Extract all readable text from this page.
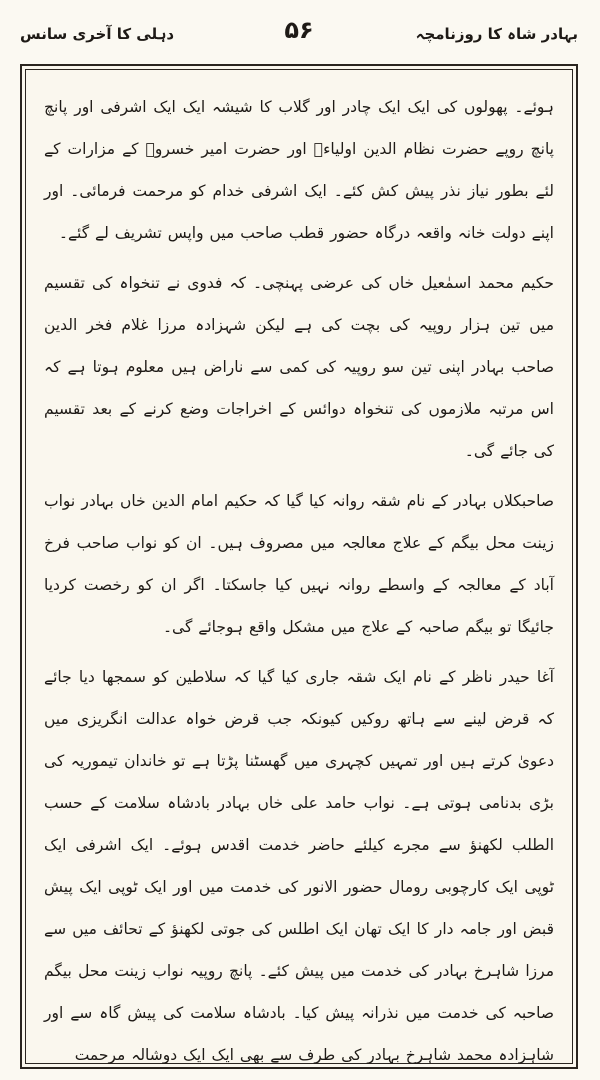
بہادر شاہ کا روزنامچہ
۵۶
دہلی کا آخری سانس

ہوئے۔ پھولوں کی ایک ایک چادر اور گلاب کا شیشہ ایک ایک اشرفی اور پانچ پانچ روپے حضرت نظام الدین اولیاءؒ اور حضرت امیر خسروؒ کے مزارات کے لئے بطور نیاز نذر پیش کش کئے۔ ایک اشرفی خدام کو مرحمت فرمائی۔ اور اپنے دولت خانہ واقعہ درگاہ حضور قطب صاحب میں واپس تشریف لے گئے۔

حکیم محمد اسمٰعیل خاں کی عرضی پہنچی۔ کہ فدوی نے تنخواہ کی تقسیم میں تین ہزار روپیہ کی بچت کی ہے لیکن شہزادہ مرزا غلام فخر الدین صاحب بہادر اپنی تین سو روپیہ کی کمی سے ناراض ہیں معلوم ہوتا ہے کہ اس مرتبہ ملازموں کی تنخواہ دوائس کے اخراجات وضع کرنے کے بعد تقسیم کی جائے گی۔

صاحبکلاں بہادر کے نام شقہ روانہ کیا گیا کہ حکیم امام الدین خاں بہادر نواب زینت محل بیگم کے علاج معالجہ میں مصروف ہیں۔ ان کو نواب صاحب فرخ آباد کے معالجہ کے واسطے روانہ نہیں کیا جاسکتا۔ اگر ان کو رخصت کردیا جائیگا تو بیگم صاحبہ کے علاج میں مشکل واقع ہوجائے گی۔

آغا حیدر ناظر کے نام ایک شقہ جاری کیا گیا کہ سلاطین کو سمجھا دیا جائے کہ قرض لینے سے ہاتھ روکیں کیونکہ جب قرض خواہ عدالت انگریزی میں دعویٰ کرتے ہیں اور تمہیں کچہری میں گھسٹنا پڑتا ہے تو خاندان تیموریہ کی بڑی بدنامی ہوتی ہے۔ نواب حامد علی خاں بہادر بادشاہ سلامت کے حسب الطلب لکھنؤ سے مجرے کیلئے حاضر خدمت اقدس ہوئے۔ ایک اشرفی ایک ٹوپی ایک کارچوبی رومال حضور الانور کی خدمت میں اور ایک ٹوپی ایک پیش قبض اور جامہ دار کا ایک تھان ایک اطلس کی جوتی لکھنؤ کے تحائف میں سے مرزا شاہرخ بہادر کی خدمت میں پیش کئے۔ پانچ روپیہ نواب زینت محل بیگم صاحبہ کی خدمت میں نذرانہ پیش کیا۔ بادشاہ سلامت کی پیش گاہ سے اور شاہزادہ محمد شاہرخ بہادر کی طرف سے بھی ایک ایک دوشالہ مرحمت
